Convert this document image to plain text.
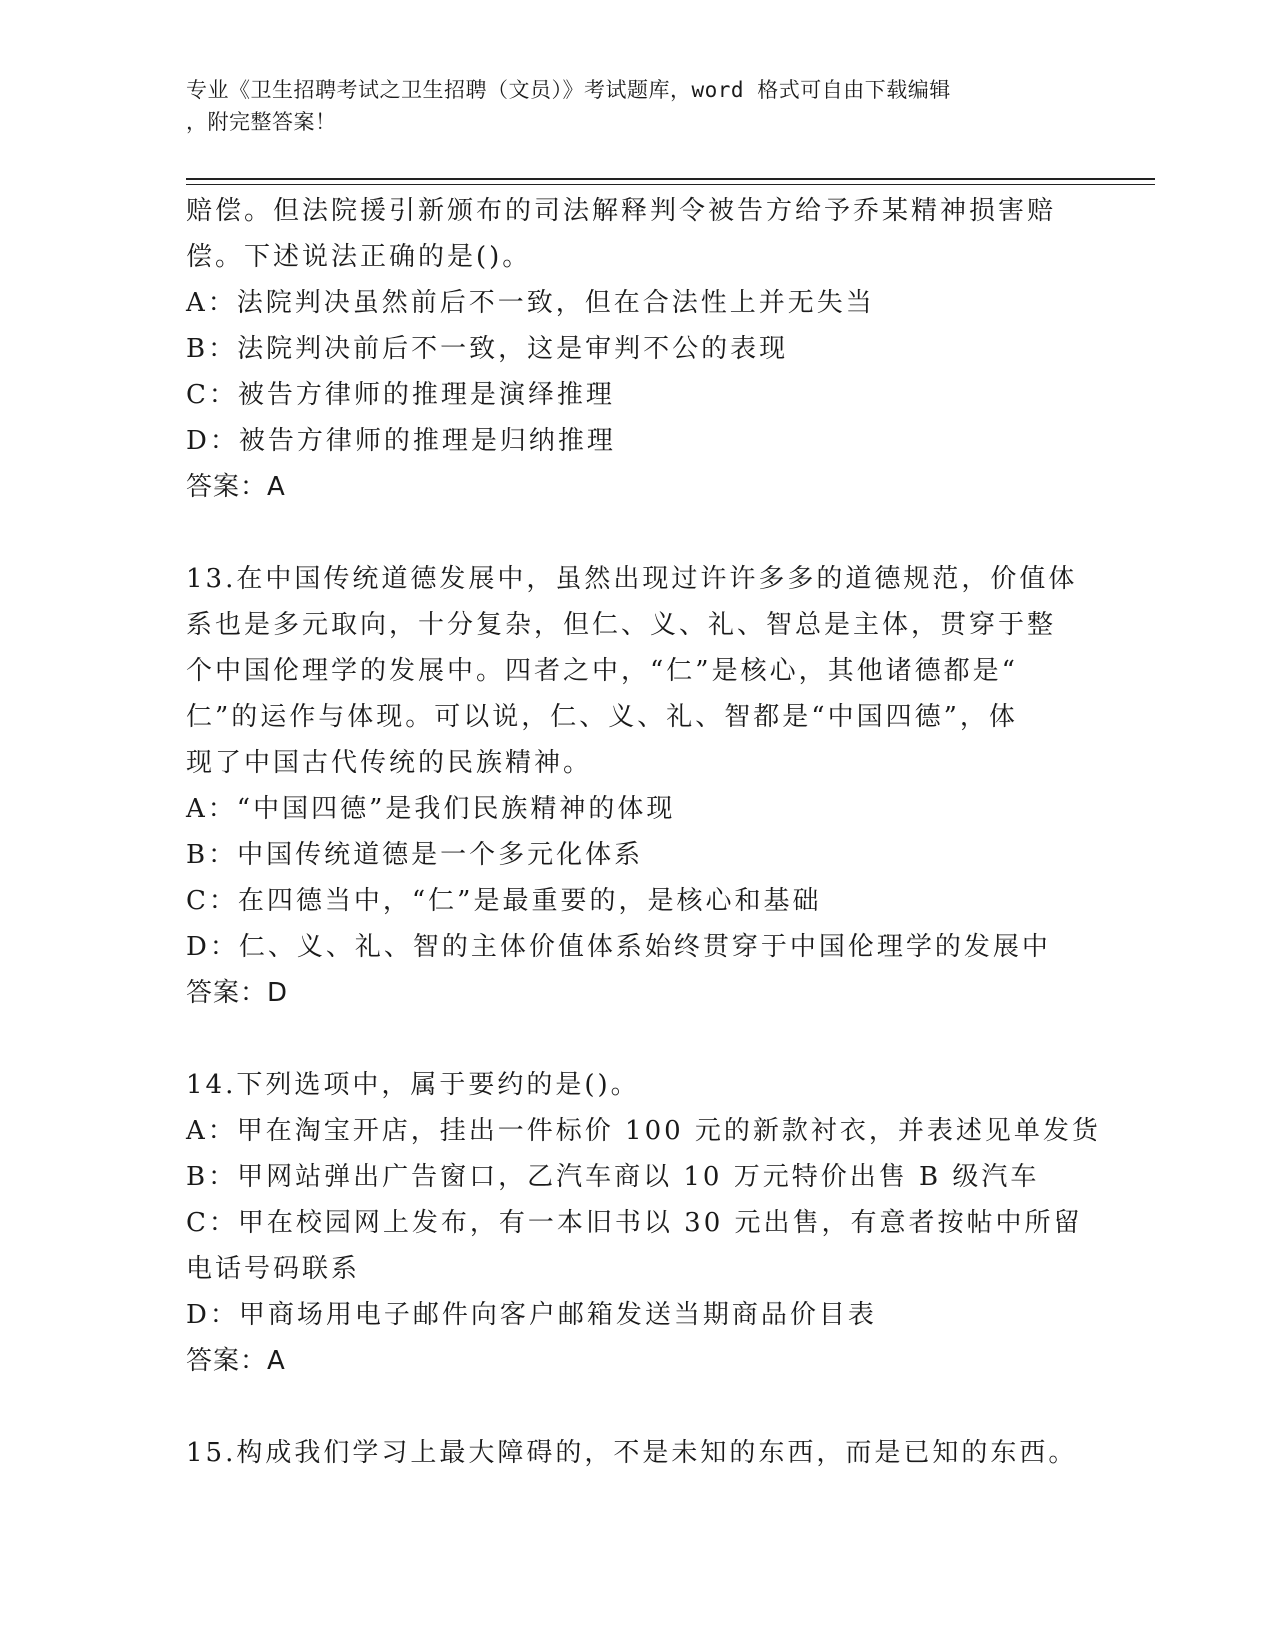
专业《卫生招聘考试之卫生招聘（文员）》考试题库，word 格式可自由下载编辑
，附完整答案！
赔偿。但法院援引新颁布的司法解释判令被告方给予乔某精神损害赔
偿。下述说法正确的是()。
A：法院判决虽然前后不一致，但在合法性上并无失当
B：法院判决前后不一致，这是审判不公的表现
C：被告方律师的推理是演绎推理
D：被告方律师的推理是归纳推理
答案：A
13.在中国传统道德发展中，虽然出现过许许多多的道德规范，价值体
系也是多元取向，十分复杂，但仁、义、礼、智总是主体，贯穿于整
个中国伦理学的发展中。四者之中，“仁”是核心，其他诸德都是“
仁”的运作与体现。可以说，仁、义、礼、智都是“中国四德”，体
现了中国古代传统的民族精神。
A：“中国四德”是我们民族精神的体现
B：中国传统道德是一个多元化体系
C：在四德当中，“仁”是最重要的，是核心和基础
D：仁、义、礼、智的主体价值体系始终贯穿于中国伦理学的发展中
答案：D
14.下列选项中，属于要约的是()。
A：甲在淘宝开店，挂出一件标价 100 元的新款衬衣，并表述见单发货
B：甲网站弹出广告窗口，乙汽车商以 10 万元特价出售 B 级汽车
C：甲在校园网上发布，有一本旧书以 30 元出售，有意者按帖中所留
电话号码联系
D：甲商场用电子邮件向客户邮箱发送当期商品价目表
答案：A
15.构成我们学习上最大障碍的，不是未知的东西，而是已知的东西。
